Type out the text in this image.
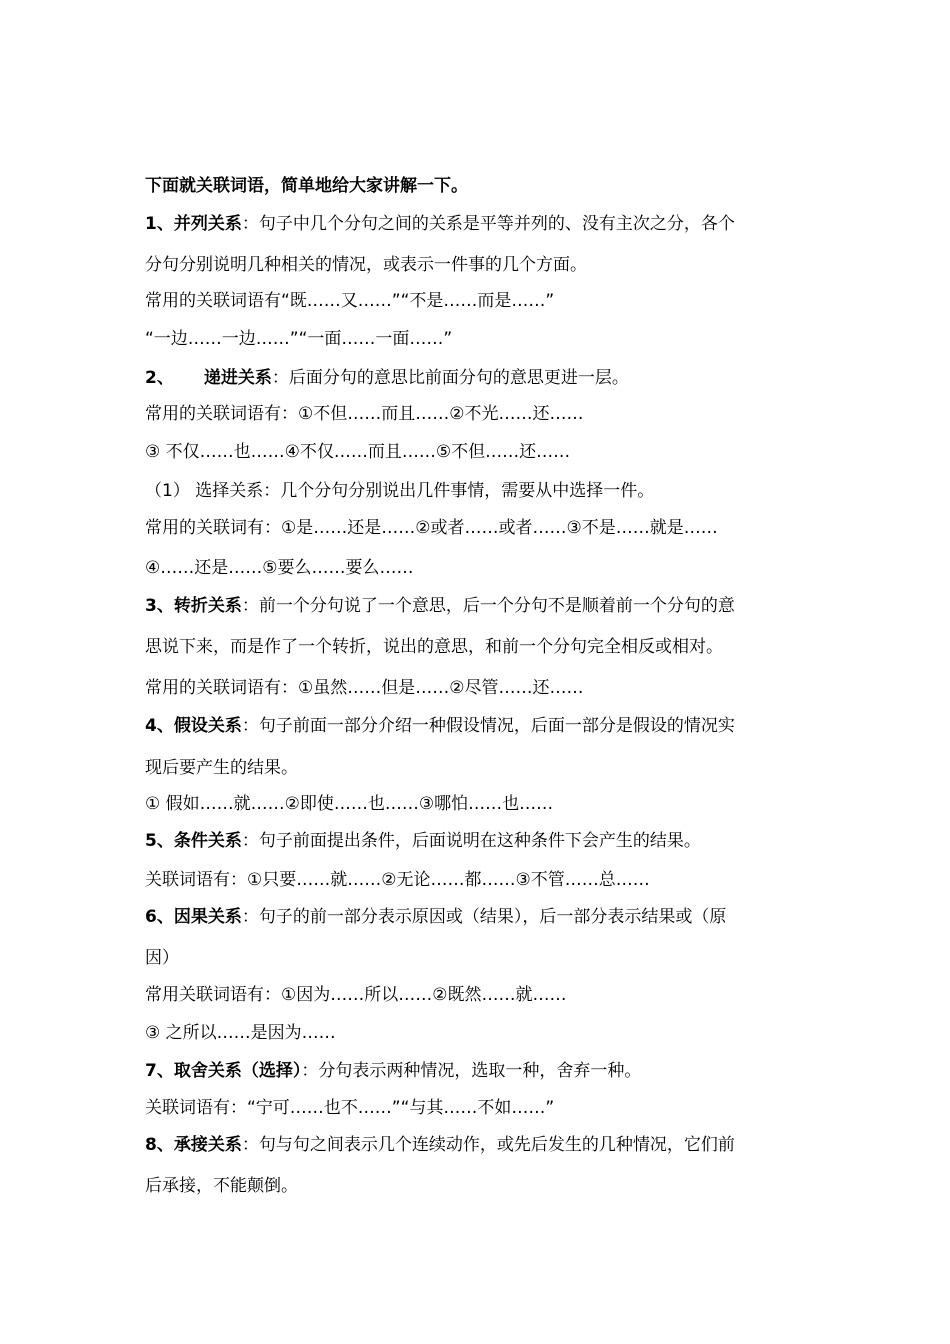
下面就关联词语，简单地给大家讲解一下。
1、并列关系：句子中几个分句之间的关系是平等并列的、没有主次之分，各个
分句分别说明几种相关的情况，或表示一件事的几个方面。
常用的关联词语有“既……又……”“不是……而是……”
“一边……一边……”“一面……一面……”
2、 递进关系：后面分句的意思比前面分句的意思更进一层。
常用的关联词语有：①不但……而且……②不光……还……
③ 不仅……也……④不仅……而且……⑤不但……还……
（1） 选择关系：几个分句分别说出几件事情，需要从中选择一件。
常用的关联词有：①是……还是……②或者……或者……③不是……就是……
④……还是……⑤要么……要么……
3、转折关系：前一个分句说了一个意思，后一个分句不是顺着前一个分句的意
思说下来，而是作了一个转折，说出的意思，和前一个分句完全相反或相对。
常用的关联词语有：①虽然……但是……②尽管……还……
4、假设关系：句子前面一部分介绍一种假设情况，后面一部分是假设的情况实
现后要产生的结果。
① 假如……就……②即使……也……③哪怕……也……
5、条件关系：句子前面提出条件，后面说明在这种条件下会产生的结果。
关联词语有：①只要……就……②无论……都……③不管……总……
6、因果关系：句子的前一部分表示原因或（结果），后一部分表示结果或（原
因）
常用关联词语有：①因为……所以……②既然……就……
③ 之所以……是因为……
7、取舍关系（选择）：分句表示两种情况，选取一种，舍弃一种。
关联词语有：“宁可……也不……”“与其……不如……”
8、承接关系：句与句之间表示几个连续动作，或先后发生的几种情况，它们前
后承接，不能颠倒。
